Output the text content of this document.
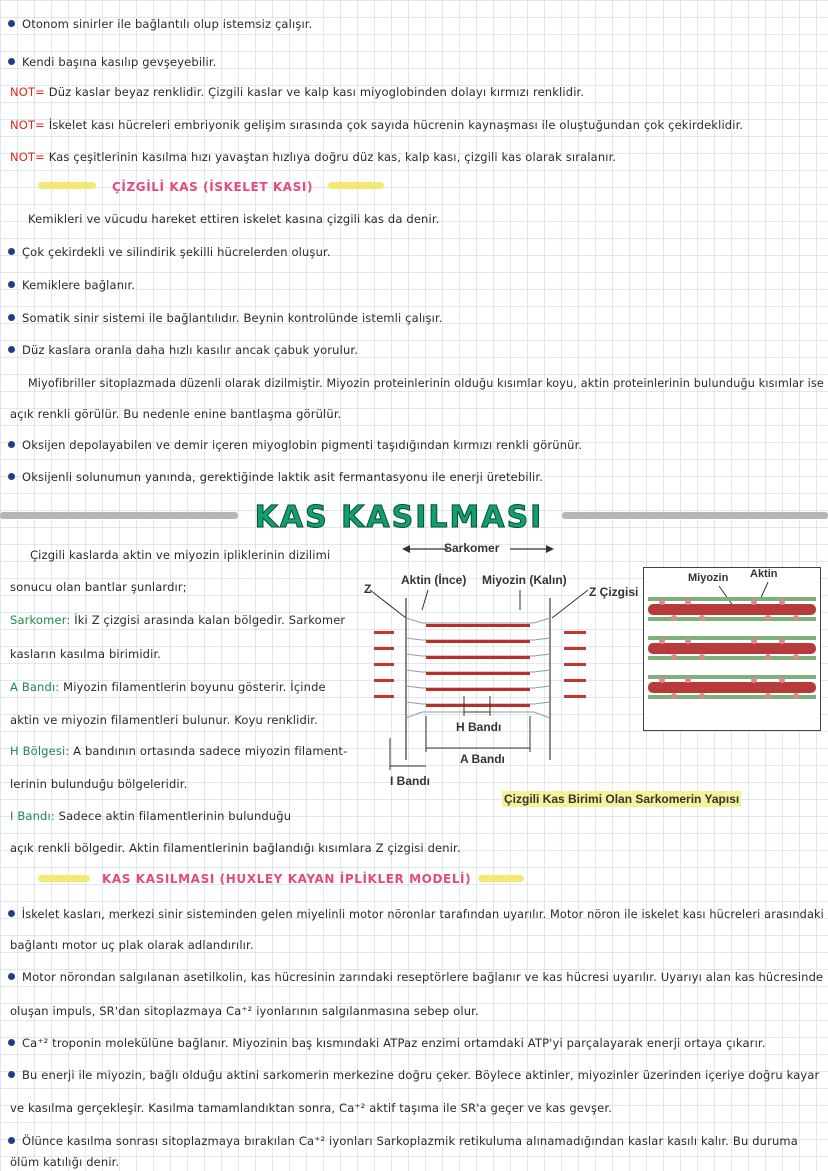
Otonom sinirler ile bağlantılı olup istemsiz çalışır.
Kendi başına kasılıp gevşeyebilir.
NOT= Düz kaslar beyaz renklidir. Çizgili kaslar ve kalp kası miyoglobinden dolayı kırmızı renklidir.
NOT= İskelet kası hücreleri embriyonik gelişim sırasında çok sayıda hücrenin kaynaşması ile oluştuğundan çok çekirdeklidir.
NOT= Kas çeşitlerinin kasılma hızı yavaştan hızlıya doğru düz kas, kalp kası, çizgili kas olarak sıralanır.
ÇİZGİLİ KAS (İSKELET KASI)
Kemikleri ve vücudu hareket ettiren iskelet kasına çizgili kas da denir.
Çok çekirdekli ve silindirik şekilli hücrelerden oluşur.
Kemiklere bağlanır.
Somatik sinir sistemi ile bağlantılıdır. Beynin kontrolünde istemli çalışır.
Düz kaslara oranla daha hızlı kasılır ancak çabuk yorulur.
Miyofibriller sitoplazmada düzenli olarak dizilmiştir. Miyozin proteinlerinin olduğu kısımlar koyu, aktin proteinlerinin bulunduğu kısımlar ise
açık renkli görülür. Bu nedenle enine bantlaşma görülür.
Oksijen depolayabilen ve demir içeren miyoglobin pigmenti taşıdığından kırmızı renkli görünür.
Oksijenli solunumun yanında, gerektiğinde laktik asit fermantasyonu ile enerji üretebilir.
KAS KASILMASI
Çizgili kaslarda aktin ve miyozin ipliklerinin dizilimi
sonucu olan bantlar şunlardır;
Sarkomer: İki Z çizgisi arasında kalan bölgedir. Sarkomer
kasların kasılma birimidir.
A Bandı: Miyozin filamentlerin boyunu gösterir. İçinde
aktin ve miyozin filamentleri bulunur. Koyu renklidir.
H Bölgesi: A bandının ortasında sadece miyozin filament-
lerinin bulunduğu bölgeleridir.
I Bandı: Sadece aktin filamentlerinin bulunduğu
açık renkli bölgedir. Aktin filamentlerinin bağlandığı kısımlara Z çizgisi denir.
Sarkomer
Z
Aktin (İnce) Miyozin (Kalın)
Z Çizgisi
H Bandı
A Bandı
I Bandı
Çizgili Kas Birimi Olan Sarkomerin Yapısı
Miyozin Aktin
KAS KASILMASI (HUXLEY KAYAN İPLİKLER MODELİ)
İskelet kasları, merkezi sinir sisteminden gelen miyelinli motor nöronlar tarafından uyarılır. Motor nöron ile iskelet kası hücreleri arasındaki
bağlantı motor uç plak olarak adlandırılır.
Motor nörondan salgılanan asetilkolin, kas hücresinin zarındaki reseptörlere bağlanır ve kas hücresi uyarılır. Uyarıyı alan kas hücresinde
oluşan impuls, SR'dan sitoplazmaya Ca⁺² iyonlarının salgılanmasına sebep olur.
Ca⁺² troponin molekülüne bağlanır. Miyozinin baş kısmındaki ATPaz enzimi ortamdaki ATP'yi parçalayarak enerji ortaya çıkarır.
Bu enerji ile miyozin, bağlı olduğu aktini sarkomerin merkezine doğru çeker. Böylece aktinler, miyozinler üzerinden içeriye doğru kayar
ve kasılma gerçekleşir. Kasılma tamamlandıktan sonra, Ca⁺² aktif taşıma ile SR'a geçer ve kas gevşer.
Ölünce kasılma sonrası sitoplazmaya bırakılan Ca⁺² iyonları Sarkoplazmik retikuluma alınamadığından kaslar kasılı kalır. Bu duruma
ölüm katılığı denir.
